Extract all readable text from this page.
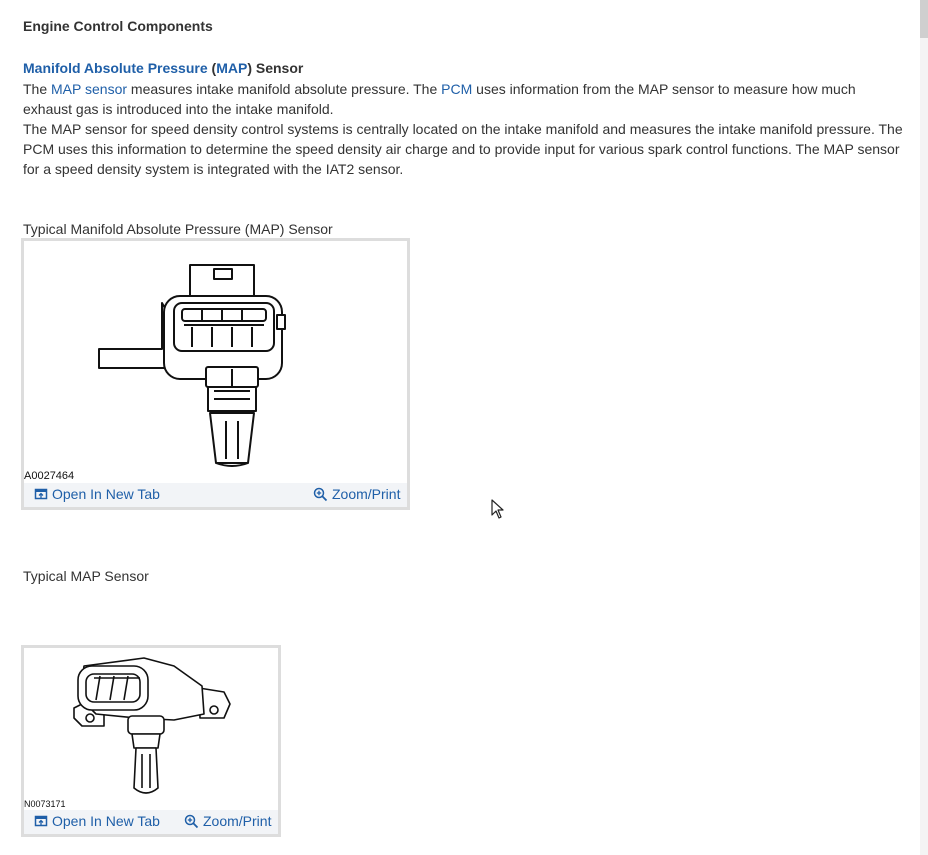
Engine Control Components
Manifold Absolute Pressure (MAP) Sensor

The MAP sensor measures intake manifold absolute pressure. The PCM uses information from the MAP sensor to measure how much exhaust gas is introduced into the intake manifold.

The MAP sensor for speed density control systems is centrally located on the intake manifold and measures the intake manifold pressure. The PCM uses this information to determine the speed density air charge and to provide input for various spark control functions. The MAP sensor for a speed density system is integrated with the IAT2 sensor.

Typical Manifold Absolute Pressure (MAP) Sensor
A0027464
Open In New Tab	Zoom/Print
Typical MAP Sensor
N0073171
Open In New Tab	Zoom/Print
